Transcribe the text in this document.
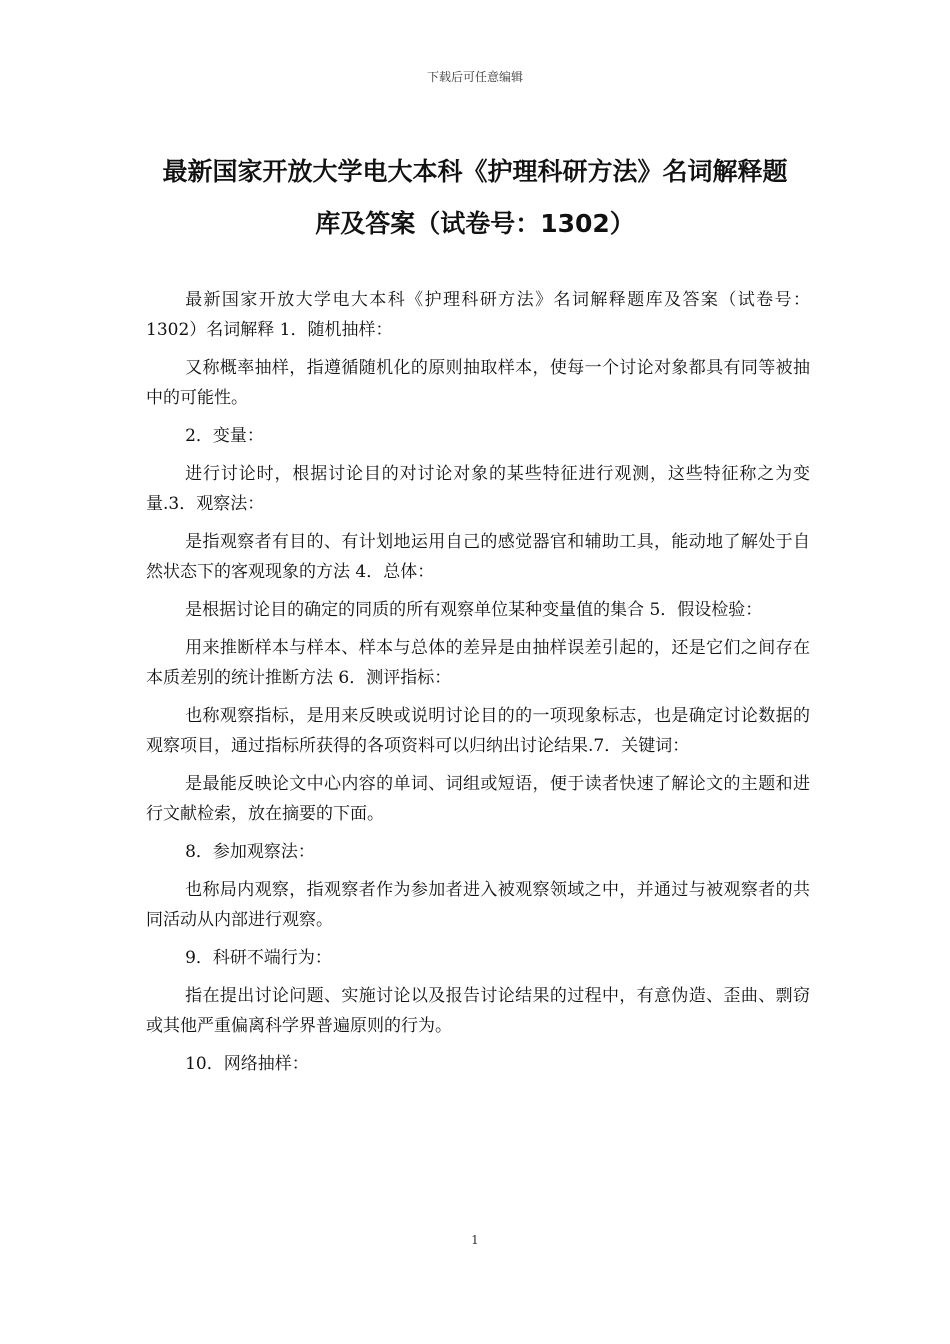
下载后可任意编辑
最新国家开放大学电大本科《护理科研方法》名词解释题
库及答案（试卷号：1302）

最新国家开放大学电大本科《护理科研方法》名词解释题库及答案（试卷号：1302）名词解释 1．随机抽样：

又称概率抽样，指遵循随机化的原则抽取样本，使每一个讨论对象都具有同等被抽中的可能性。

2．变量：

进行讨论时，根据讨论目的对讨论对象的某些特征进行观测，这些特征称之为变量.3．观察法：

是指观察者有目的、有计划地运用自己的感觉器官和辅助工具，能动地了解处于自然状态下的客观现象的方法 4．总体：

是根据讨论目的确定的同质的所有观察单位某种变量值的集合 5．假设检验：

用来推断样本与样本、样本与总体的差异是由抽样误差引起的，还是它们之间存在本质差别的统计推断方法 6．测评指标：

也称观察指标，是用来反映或说明讨论目的的一项现象标志，也是确定讨论数据的观察项目，通过指标所获得的各项资料可以归纳出讨论结果.7．关键词：

是最能反映论文中心内容的单词、词组或短语，便于读者快速了解论文的主题和进行文献检索，放在摘要的下面。

8．参加观察法：

也称局内观察，指观察者作为参加者进入被观察领域之中，并通过与被观察者的共同活动从内部进行观察。

9．科研不端行为：

指在提出讨论问题、实施讨论以及报告讨论结果的过程中，有意伪造、歪曲、剽窃或其他严重偏离科学界普遍原则的行为。

10．网络抽样：

1
